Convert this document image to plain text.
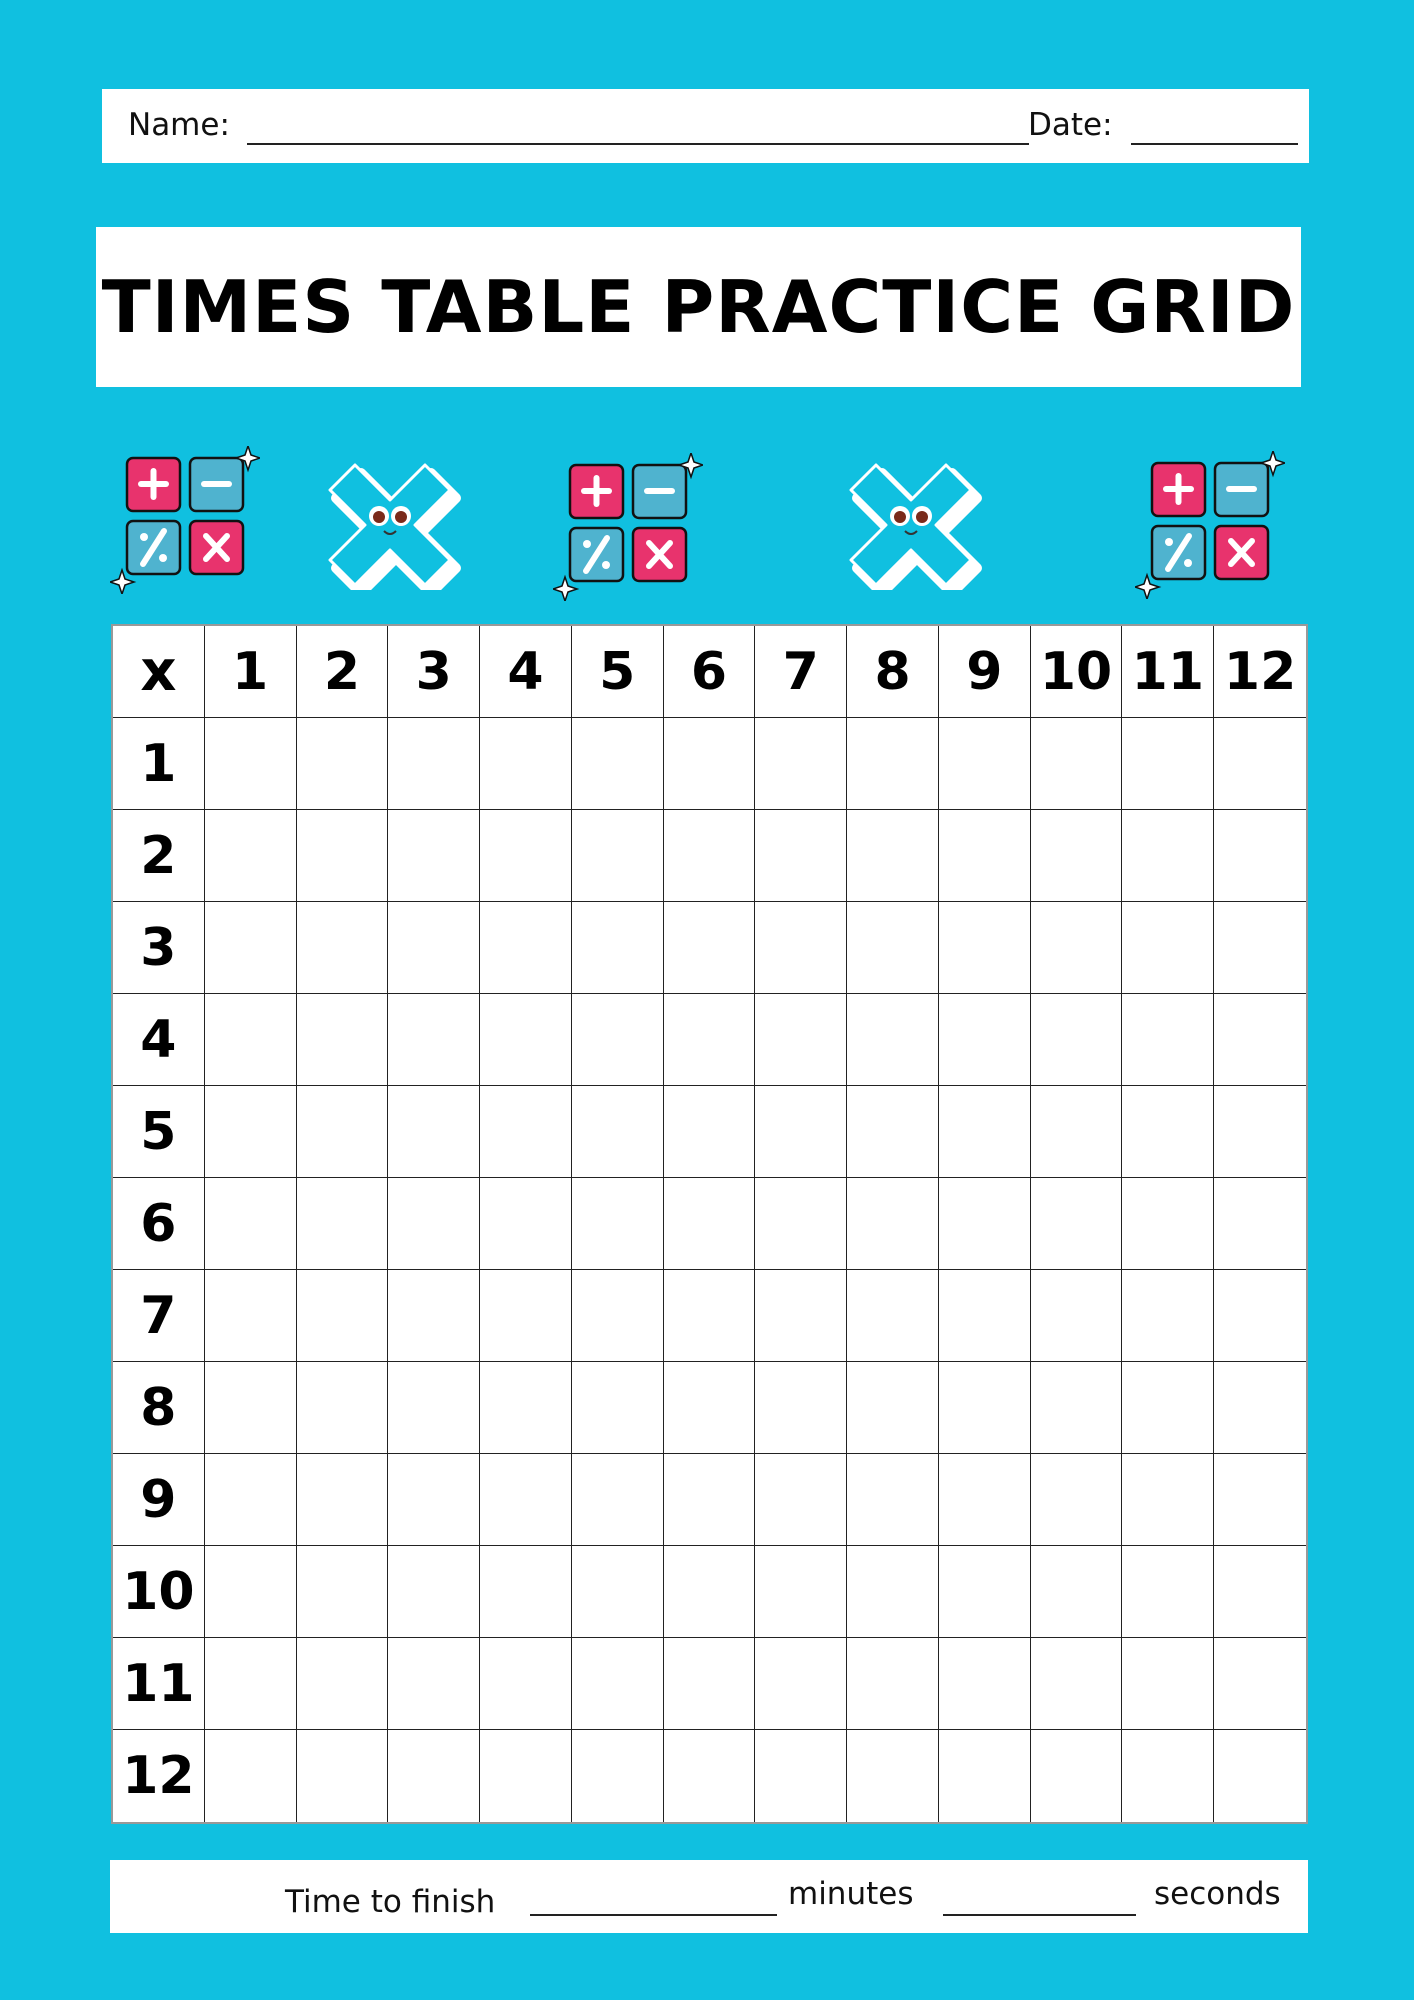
Name:	Date:
TIMES TABLE PRACTICE GRID
x	1	2	3	4	5	6	7	8	9 10 11 12
1
2
3
4
5
6
7
8
9
10
11
12
Time to finish	minutes	seconds
